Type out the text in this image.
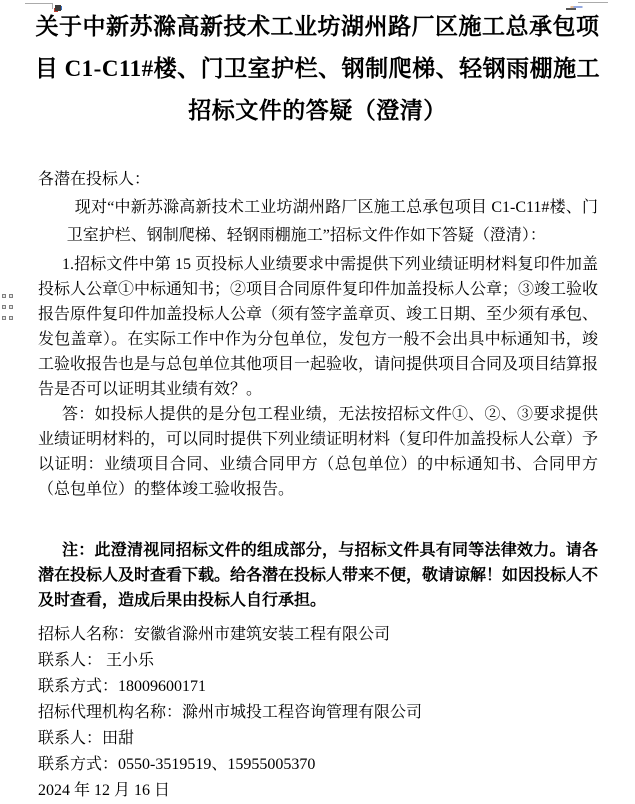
关于中新苏滁高新技术工业坊湖州路厂区施工总承包项目 C1-C11#楼、门卫室护栏、钢制爬梯、轻钢雨棚施工招标文件的答疑（澄清）

各潜在投标人：

现对“中新苏滁高新技术工业坊湖州路厂区施工总承包项目 C1-C11#楼、门卫室护栏、钢制爬梯、轻钢雨棚施工”招标文件作如下答疑（澄清）：

1.招标文件中第 15 页投标人业绩要求中需提供下列业绩证明材料复印件加盖投标人公章①中标通知书；②项目合同原件复印件加盖投标人公章；③竣工验收报告原件复印件加盖投标人公章（须有签字盖章页、竣工日期、至少须有承包、发包盖章）。在实际工作中作为分包单位，发包方一般不会出具中标通知书，竣工验收报告也是与总包单位其他项目一起验收，请问提供项目合同及项目结算报告是否可以证明其业绩有效？。

答：如投标人提供的是分包工程业绩，无法按招标文件①、②、③要求提供业绩证明材料的，可以同时提供下列业绩证明材料（复印件加盖投标人公章）予以证明：业绩项目合同、业绩合同甲方（总包单位）的中标通知书、合同甲方（总包单位）的整体竣工验收报告。

注：此澄清视同招标文件的组成部分，与招标文件具有同等法律效力。请各潜在投标人及时查看下载。给各潜在投标人带来不便，敬请谅解！如因投标人不及时查看，造成后果由投标人自行承担。

招标人名称：安徽省滁州市建筑安装工程有限公司

联系人： 王小乐

联系方式：18009600171

招标代理机构名称：滁州市城投工程咨询管理有限公司

联系人：田甜

联系方式：0550-3519519、15955005370

2024 年 12 月 16 日
